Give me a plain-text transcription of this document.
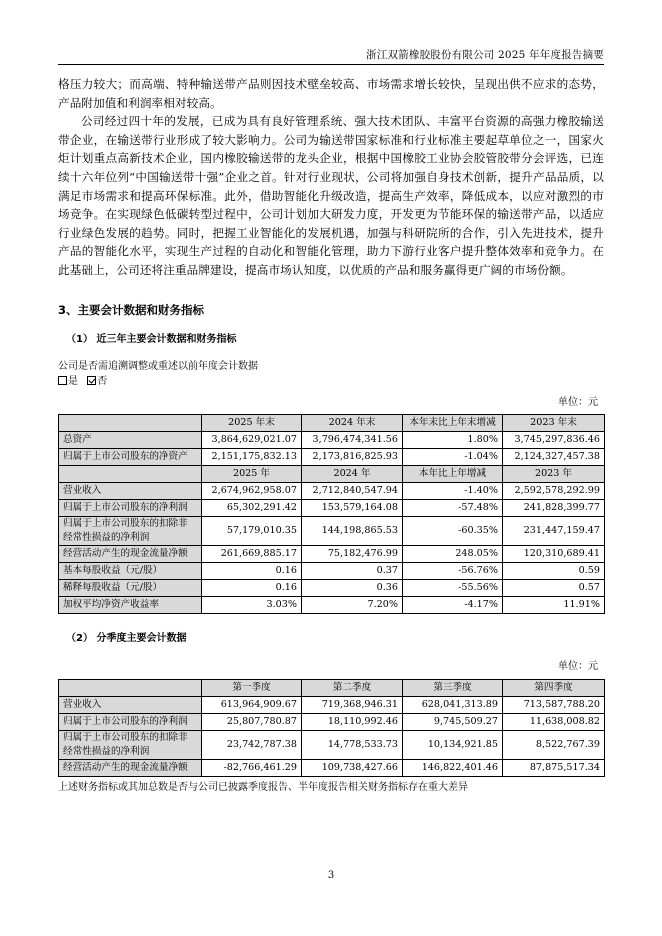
浙江双箭橡胶股份有限公司 2025 年年度报告摘要

格压力较大；而高端、特种输送带产品则因技术壁垒较高、市场需求增长较快，呈现出供不应求的态势，产品附加值和利润率相对较高。

公司经过四十年的发展，已成为具有良好管理系统、强大技术团队、丰富平台资源的高强力橡胶输送带企业，在输送带行业形成了较大影响力。公司为输送带国家标准和行业标准主要起草单位之一，国家火炬计划重点高新技术企业，国内橡胶输送带的龙头企业，根据中国橡胶工业协会胶管胶带分会评选，已连续十六年位列“中国输送带十强”企业之首。针对行业现状，公司将加强自身技术创新，提升产品品质，以满足市场需求和提高环保标准。此外，借助智能化升级改造，提高生产效率，降低成本，以应对激烈的市场竞争。在实现绿色低碳转型过程中，公司计划加大研发力度，开发更为节能环保的输送带产品，以适应行业绿色发展的趋势。同时，把握工业智能化的发展机遇，加强与科研院所的合作，引入先进技术，提升产品的智能化水平，实现生产过程的自动化和智能化管理，助力下游行业客户提升整体效率和竞争力。在此基础上，公司还将注重品牌建设，提高市场认知度，以优质的产品和服务赢得更广阔的市场份额。

3、主要会计数据和财务指标
（1） 近三年主要会计数据和财务指标
公司是否需追溯调整或重述以前年度会计数据
是 否
单位：元
	2025 年末	2024 年末	本年末比上年末增减	2023 年末
总资产	3,864,629,021.07	3,796,474,341.56	1.80%	3,745,297,836.46
归属于上市公司股东的净资产	2,151,175,832.13	2,173,816,825.93	-1.04%	2,124,327,457.38
	2025 年	2024 年	本年比上年增减	2023 年
营业收入	2,674,962,958.07	2,712,840,547.94	-1.40%	2,592,578,292.99
归属于上市公司股东的净利润	65,302,291.42	153,579,164.08	-57.48%	241,828,399.77
归属于上市公司股东的扣除非经常性损益的净利润	57,179,010.35	144,198,865.53	-60.35%	231,447,159.47
经营活动产生的现金流量净额	261,669,885.17	75,182,476.99	248.05%	120,310,689.41
基本每股收益（元/股）	0.16	0.37	-56.76%	0.59
稀释每股收益（元/股）	0.16	0.36	-55.56%	0.57
加权平均净资产收益率	3.03%	7.20%	-4.17%	11.91%
（2） 分季度主要会计数据
单位：元
	第一季度	第二季度	第三季度	第四季度
营业收入	613,964,909.67	719,368,946.31	628,041,313.89	713,587,788.20
归属于上市公司股东的净利润	25,807,780.87	18,110,992.46	9,745,509.27	11,638,008.82
归属于上市公司股东的扣除非经常性损益的净利润	23,742,787.38	14,778,533.73	10,134,921.85	8,522,767.39
经营活动产生的现金流量净额	-82,766,461.29	109,738,427.66	146,822,401.46	87,875,517.34
上述财务指标或其加总数是否与公司已披露季度报告、半年度报告相关财务指标存在重大差异
3
